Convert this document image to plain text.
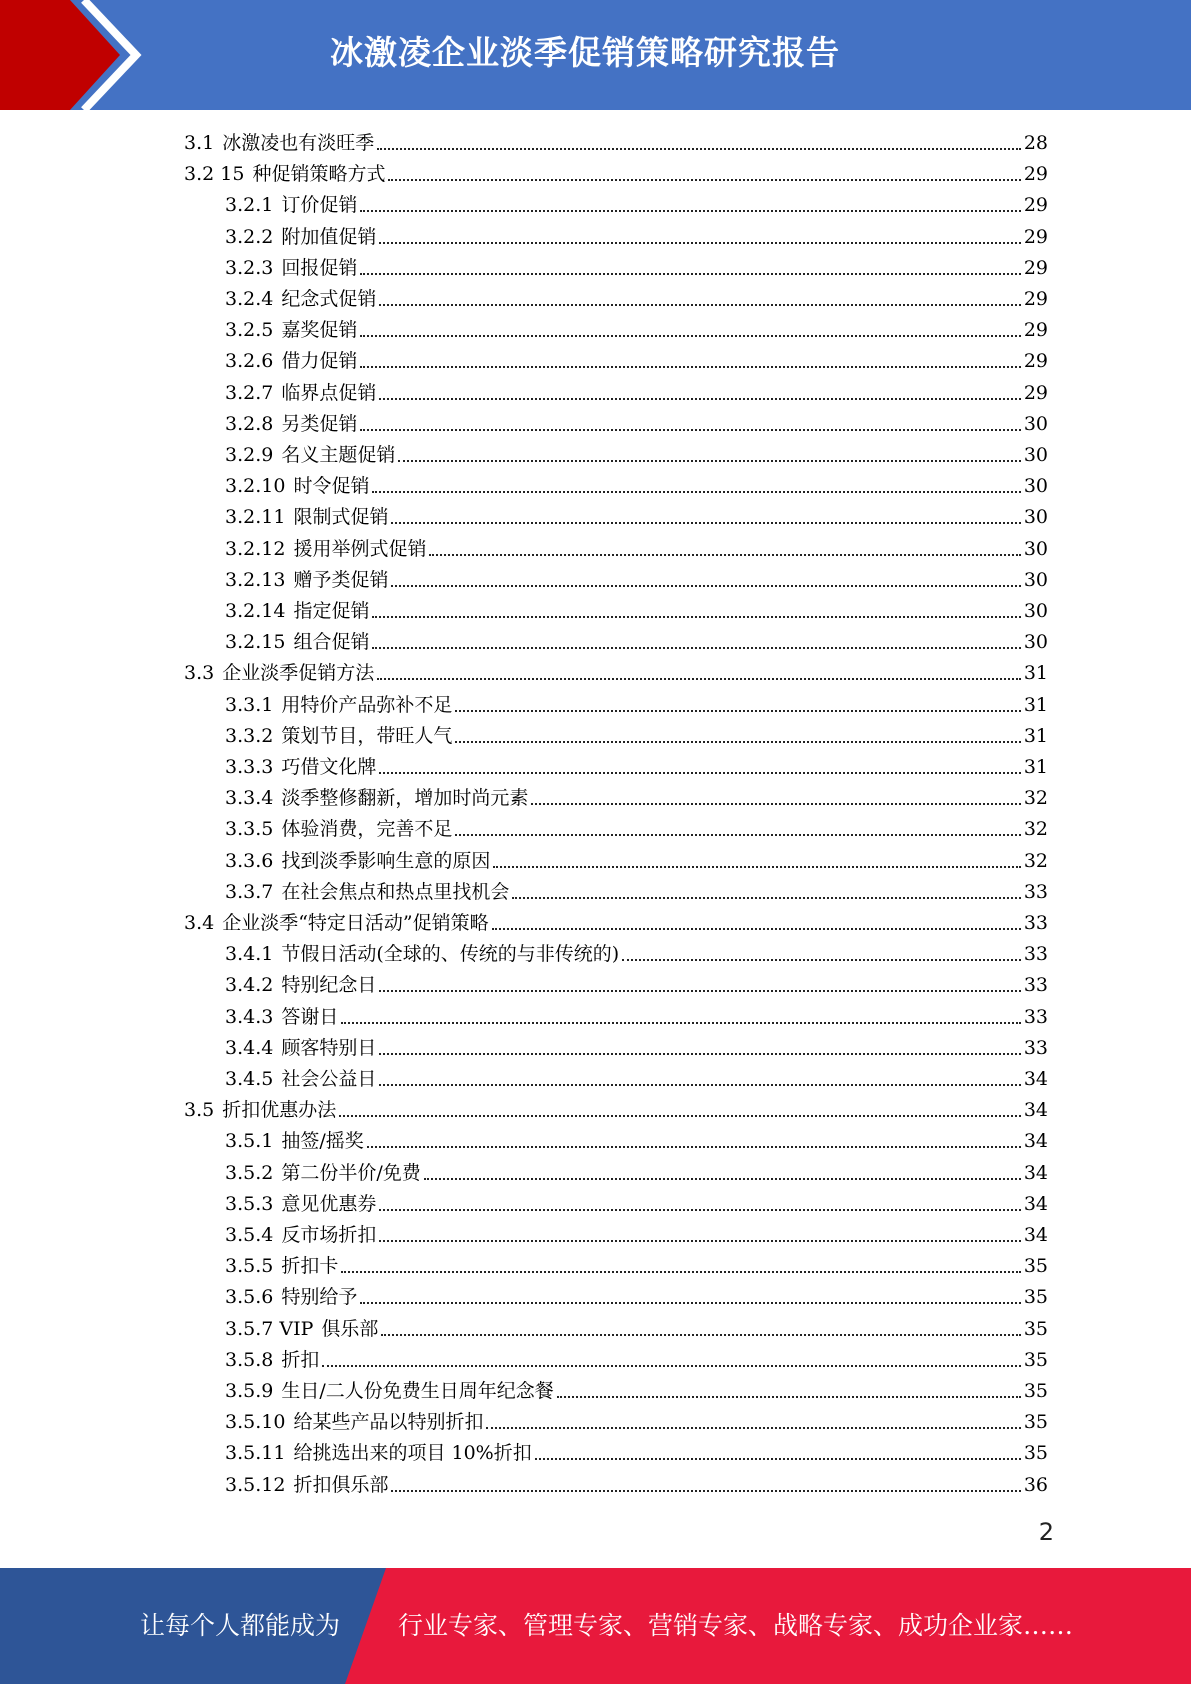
冰激凌企业淡季促销策略研究报告
3.1 冰激凌也有淡旺季	28
3.2 15 种促销策略方式	29
3.2.1 订价促销	29
3.2.2 附加值促销	29
3.2.3 回报促销	29
3.2.4 纪念式促销	29
3.2.5 嘉奖促销	29
3.2.6 借力促销	29
3.2.7 临界点促销	29
3.2.8 另类促销	30
3.2.9 名义主题促销	30
3.2.10 时令促销	30
3.2.11 限制式促销	30
3.2.12 援用举例式促销	30
3.2.13 赠予类促销	30
3.2.14 指定促销	30
3.2.15 组合促销	30
3.3 企业淡季促销方法	31
3.3.1 用特价产品弥补不足	31
3.3.2 策划节目，带旺人气	31
3.3.3 巧借文化牌	31
3.3.4 淡季整修翻新，增加时尚元素	32
3.3.5 体验消费，完善不足	32
3.3.6 找到淡季影响生意的原因	32
3.3.7 在社会焦点和热点里找机会	33
3.4 企业淡季“特定日活动”促销策略	33
3.4.1 节假日活动(全球的、传统的与非传统的)	33
3.4.2 特别纪念日	33
3.4.3 答谢日	33
3.4.4 顾客特别日	33
3.4.5 社会公益日	34
3.5 折扣优惠办法	34
3.5.1 抽签/摇奖	34
3.5.2 第二份半价/免费	34
3.5.3 意见优惠券	34
3.5.4 反市场折扣	34
3.5.5 折扣卡	35
3.5.6 特别给予	35
3.5.7 VIP 俱乐部	35
3.5.8 折扣	35
3.5.9 生日/二人份免费生日周年纪念餐	35
3.5.10 给某些产品以特别折扣	35
3.5.11 给挑选出来的项目 10%折扣	35
3.5.12 折扣俱乐部	36
2
让每个人都能成为 行业专家、管理专家、营销专家、战略专家、成功企业家……
